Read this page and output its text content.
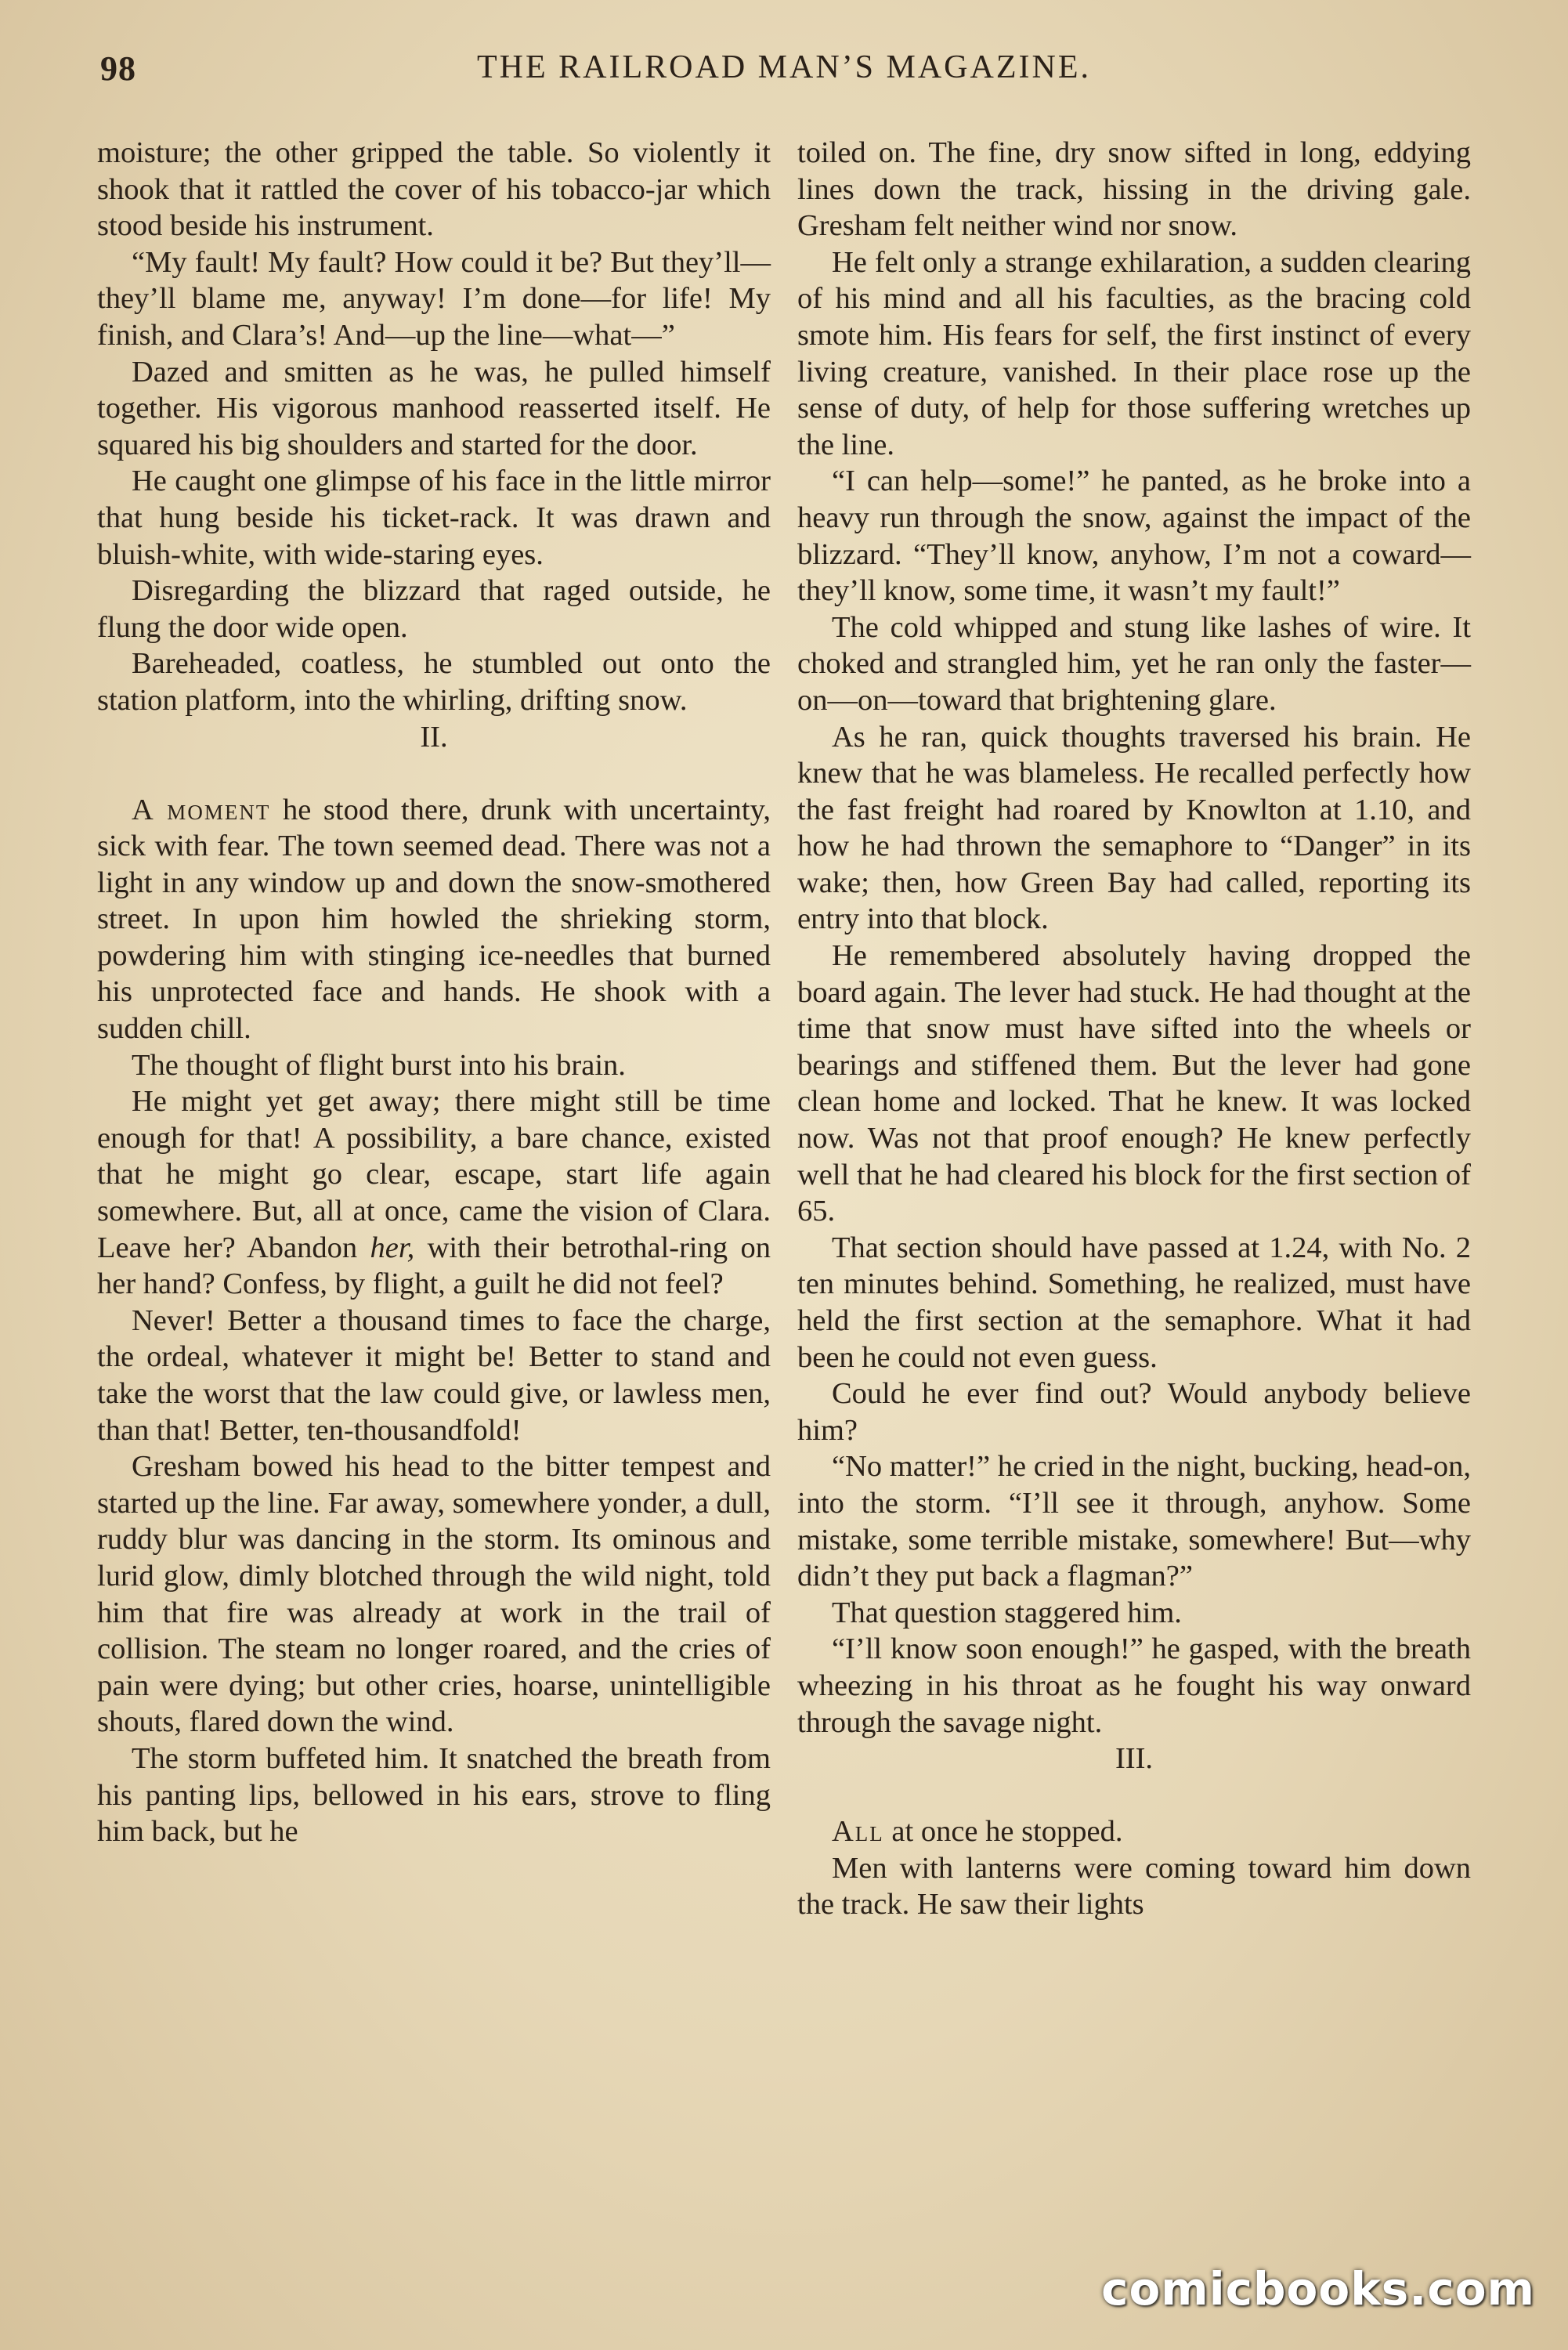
98	THE RAILROAD MAN’S MAGAZINE.

moisture; the other gripped the table. So violently it shook that it rattled the cover of his tobacco-jar which stood beside his instrument.

“My fault! My fault? How could it be? But they’ll—they’ll blame me, anyway! I’m done—for life! My finish, and Clara’s! And—up the line—what—”

Dazed and smitten as he was, he pulled himself together. His vigorous manhood reasserted itself. He squared his big shoulders and started for the door.

He caught one glimpse of his face in the little mirror that hung beside his ticket-rack. It was drawn and bluish-white, with wide-staring eyes.

Disregarding the blizzard that raged outside, he flung the door wide open.

Bareheaded, coatless, he stumbled out onto the station platform, into the whirling, drifting snow.

II.

A moment he stood there, drunk with uncertainty, sick with fear. The town seemed dead. There was not a light in any window up and down the snow-smothered street. In upon him howled the shrieking storm, powdering him with stinging ice-needles that burned his unprotected face and hands. He shook with a sudden chill.

The thought of flight burst into his brain.

He might yet get away; there might still be time enough for that! A possibility, a bare chance, existed that he might go clear, escape, start life again somewhere. But, all at once, came the vision of Clara. Leave her? Abandon her, with their betrothal-ring on her hand? Confess, by flight, a guilt he did not feel?

Never! Better a thousand times to face the charge, the ordeal, whatever it might be! Better to stand and take the worst that the law could give, or lawless men, than that! Better, ten-thousandfold!

Gresham bowed his head to the bitter tempest and started up the line. Far away, somewhere yonder, a dull, ruddy blur was dancing in the storm. Its ominous and lurid glow, dimly blotched through the wild night, told him that fire was already at work in the trail of collision. The steam no longer roared, and the cries of pain were dying; but other cries, hoarse, unintelligible shouts, flared down the wind.

The storm buffeted him. It snatched the breath from his panting lips, bellowed in his ears, strove to fling him back, but he

toiled on. The fine, dry snow sifted in long, eddying lines down the track, hissing in the driving gale. Gresham felt neither wind nor snow.

He felt only a strange exhilaration, a sudden clearing of his mind and all his faculties, as the bracing cold smote him. His fears for self, the first instinct of every living creature, vanished. In their place rose up the sense of duty, of help for those suffering wretches up the line.

“I can help—some!” he panted, as he broke into a heavy run through the snow, against the impact of the blizzard. “They’ll know, anyhow, I’m not a coward—they’ll know, some time, it wasn’t my fault!”

The cold whipped and stung like lashes of wire. It choked and strangled him, yet he ran only the faster—on—on—toward that brightening glare.

As he ran, quick thoughts traversed his brain. He knew that he was blameless. He recalled perfectly how the fast freight had roared by Knowlton at 1.10, and how he had thrown the semaphore to “Danger” in its wake; then, how Green Bay had called, reporting its entry into that block.

He remembered absolutely having dropped the board again. The lever had stuck. He had thought at the time that snow must have sifted into the wheels or bearings and stiffened them. But the lever had gone clean home and locked. That he knew. It was locked now. Was not that proof enough? He knew perfectly well that he had cleared his block for the first section of 65.

That section should have passed at 1.24, with No. 2 ten minutes behind. Something, he realized, must have held the first section at the semaphore. What it had been he could not even guess.

Could he ever find out? Would anybody believe him?

“No matter!” he cried in the night, bucking, head-on, into the storm. “I’ll see it through, anyhow. Some mistake, some terrible mistake, somewhere! But—why didn’t they put back a flagman?”

That question staggered him.

“I’ll know soon enough!” he gasped, with the breath wheezing in his throat as he fought his way onward through the savage night.

III.

All at once he stopped.

Men with lanterns were coming toward him down the track. He saw their lights

comicbooks.com
